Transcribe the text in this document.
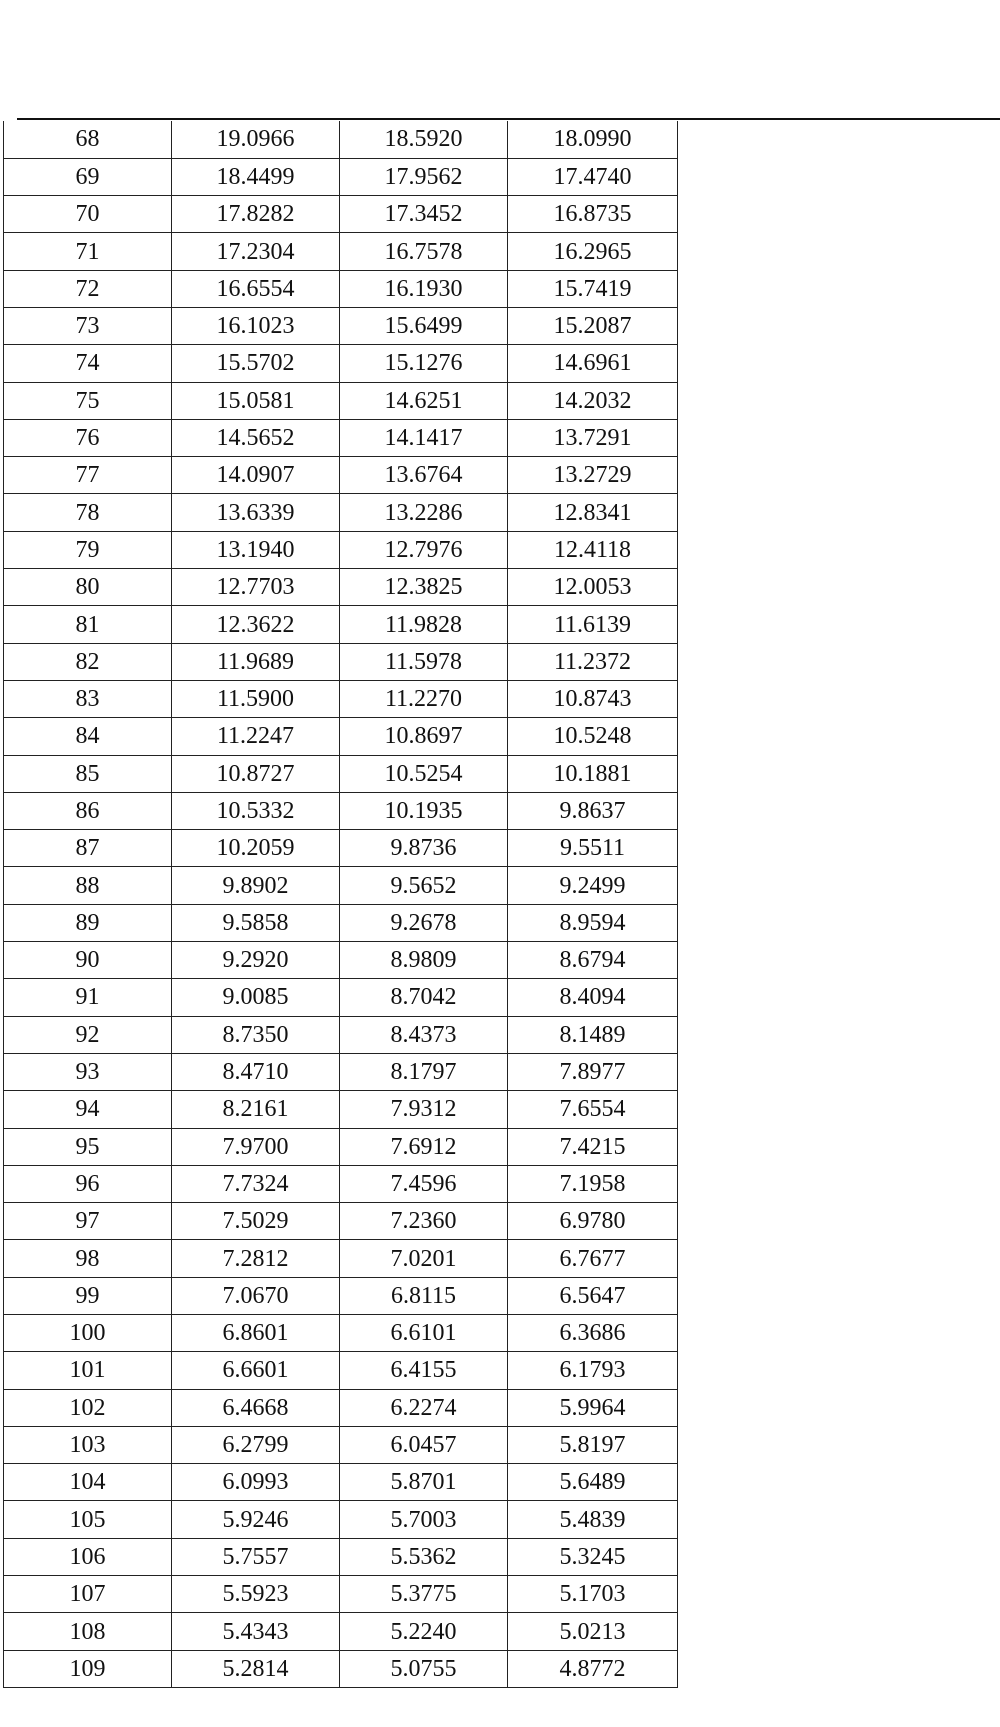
68	19.0966	18.5920	18.0990
69	18.4499	17.9562	17.4740
70	17.8282	17.3452	16.8735
71	17.2304	16.7578	16.2965
72	16.6554	16.1930	15.7419
73	16.1023	15.6499	15.2087
74	15.5702	15.1276	14.6961
75	15.0581	14.6251	14.2032
76	14.5652	14.1417	13.7291
77	14.0907	13.6764	13.2729
78	13.6339	13.2286	12.8341
79	13.1940	12.7976	12.4118
80	12.7703	12.3825	12.0053
81	12.3622	11.9828	11.6139
82	11.9689	11.5978	11.2372
83	11.5900	11.2270	10.8743
84	11.2247	10.8697	10.5248
85	10.8727	10.5254	10.1881
86	10.5332	10.1935	9.8637
87	10.2059	9.8736	9.5511
88	9.8902	9.5652	9.2499
89	9.5858	9.2678	8.9594
90	9.2920	8.9809	8.6794
91	9.0085	8.7042	8.4094
92	8.7350	8.4373	8.1489
93	8.4710	8.1797	7.8977
94	8.2161	7.9312	7.6554
95	7.9700	7.6912	7.4215
96	7.7324	7.4596	7.1958
97	7.5029	7.2360	6.9780
98	7.2812	7.0201	6.7677
99	7.0670	6.8115	6.5647
100	6.8601	6.6101	6.3686
101	6.6601	6.4155	6.1793
102	6.4668	6.2274	5.9964
103	6.2799	6.0457	5.8197
104	6.0993	5.8701	5.6489
105	5.9246	5.7003	5.4839
106	5.7557	5.5362	5.3245
107	5.5923	5.3775	5.1703
108	5.4343	5.2240	5.0213
109	5.2814	5.0755	4.8772
